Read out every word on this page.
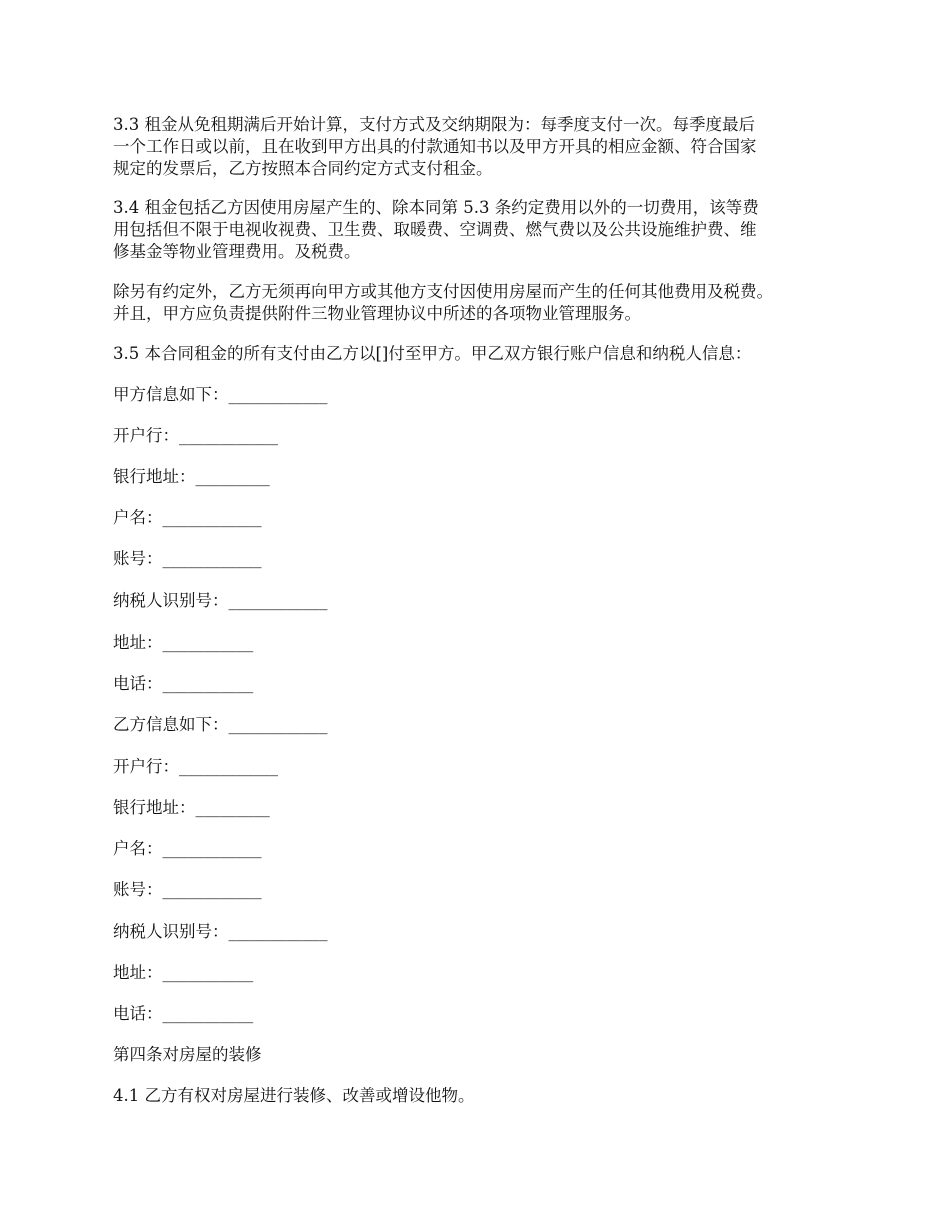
3.3 租金从免租期满后开始计算，支付方式及交纳期限为：每季度支付一次。每季度最后
一个工作日或以前，且在收到甲方出具的付款通知书以及甲方开具的相应金额、符合国家
规定的发票后，乙方按照本合同约定方式支付租金。
3.4 租金包括乙方因使用房屋产生的、除本同第 5.3 条约定费用以外的一切费用，该等费
用包括但不限于电视收视费、卫生费、取暖费、空调费、燃气费以及公共设施维护费、维
修基金等物业管理费用。及税费。
除另有约定外，乙方无须再向甲方或其他方支付因使用房屋而产生的任何其他费用及税费。
并且，甲方应负责提供附件三物业管理协议中所述的各项物业管理服务。
3.5 本合同租金的所有支付由乙方以[]付至甲方。甲乙双方银行账户信息和纳税人信息：
甲方信息如下：____________
开户行：____________
银行地址：_________
户名：____________
账号：____________
纳税人识别号：____________
地址：___________
电话：___________
乙方信息如下：____________
开户行：____________
银行地址：_________
户名：____________
账号：____________
纳税人识别号：____________
地址：___________
电话：___________
第四条对房屋的装修
4.1 乙方有权对房屋进行装修、改善或增设他物。
